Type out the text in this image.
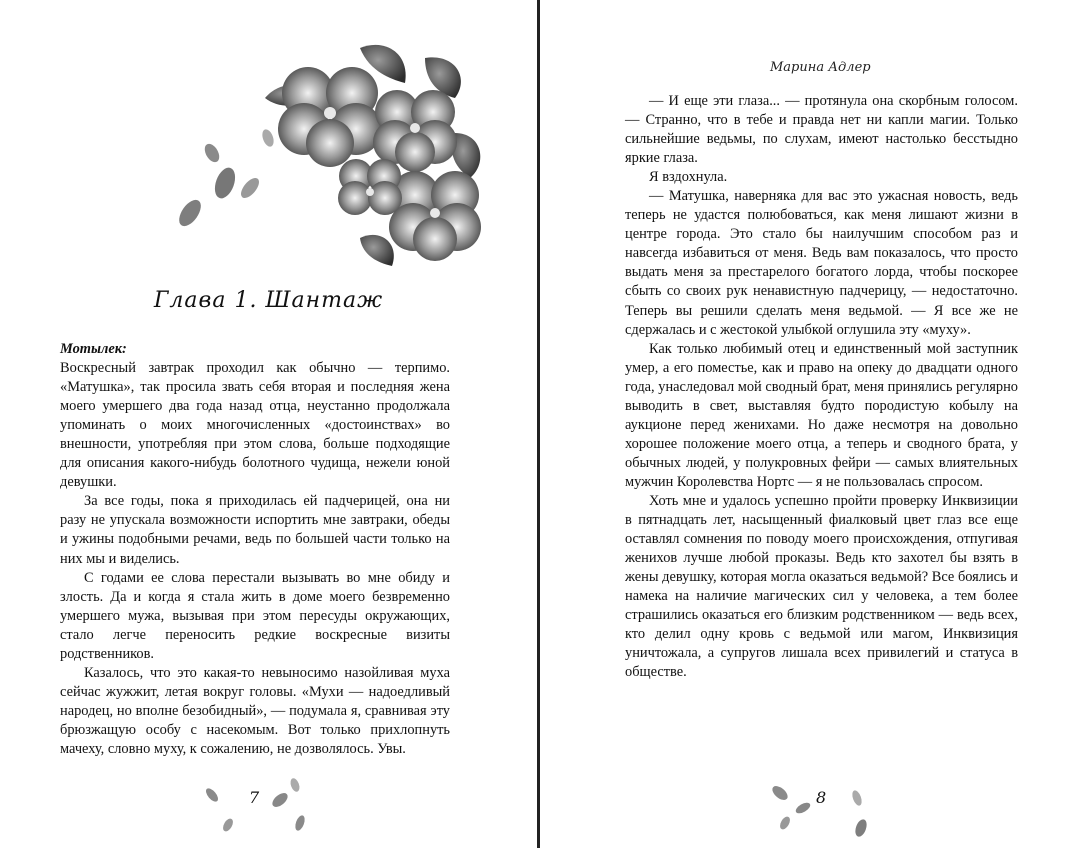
Глава 1. Шантаж
Мотылек:

Воскресный завтрак проходил как обычно — терпимо. «Матушка», так просила звать себя вторая и последняя жена моего умершего два года назад отца, неустанно продолжала упоминать о моих многочисленных «достоинствах» во внешности, употребляя при этом слова, больше подходящие для описания какого-нибудь болотного чудища, нежели юной девушки.

За все годы, пока я приходилась ей падчерицей, она ни разу не упускала возможности испортить мне завтраки, обеды и ужины подобными речами, ведь по большей части только на них мы и виделись.

С годами ее слова перестали вызывать во мне обиду и злость. Да и когда я стала жить в доме моего безвременно умершего мужа, вызывая при этом пересуды окружающих, стало легче переносить редкие воскресные визиты родственников.

Казалось, что это какая-то невыносимо назойливая муха сейчас жужжит, летая вокруг головы. «Мухи — надоедливый народец, но вполне безобидный», — подумала я, сравнивая эту брюзжащую особу с насекомым. Вот только прихлопнуть мачеху, словно муху, к сожалению, не дозволялось. Увы.

7
Марина Адлер

— И еще эти глаза... — протянула она скорбным голосом. — Странно, что в тебе и правда нет ни капли магии. Только сильнейшие ведьмы, по слухам, имеют настолько бесстыдно яркие глаза.

Я вздохнула.

— Матушка, наверняка для вас это ужасная новость, ведь теперь не удастся полюбоваться, как меня лишают жизни в центре города. Это стало бы наилучшим способом раз и навсегда избавиться от меня. Ведь вам показалось, что просто выдать меня за престарелого богатого лорда, чтобы поскорее сбыть со своих рук ненавистную падчерицу, — недостаточно. Теперь вы решили сделать меня ведьмой. — Я все же не сдержалась и с жестокой улыбкой оглушила эту «муху».

Как только любимый отец и единственный мой заступник умер, а его поместье, как и право на опеку до двадцати одного года, унаследовал мой сводный брат, меня принялись регулярно выводить в свет, выставляя будто породистую кобылу на аукционе перед женихами. Но даже несмотря на довольно хорошее положение моего отца, а теперь и сводного брата, у обычных людей, у полукровных фейри — самых влиятельных мужчин Королевства Нортс — я не пользовалась спросом.

Хоть мне и удалось успешно пройти проверку Инквизиции в пятнадцать лет, насыщенный фиалковый цвет глаз все еще оставлял сомнения по поводу моего происхождения, отпугивая женихов лучше любой проказы. Ведь кто захотел бы взять в жены девушку, которая могла оказаться ведьмой? Все боялись и намека на наличие магических сил у человека, а тем более страшились оказаться его близким родственником — ведь всех, кто делил одну кровь с ведьмой или магом, Инквизиция уничтожала, а супругов лишала всех привилегий и статуса в обществе.

8
